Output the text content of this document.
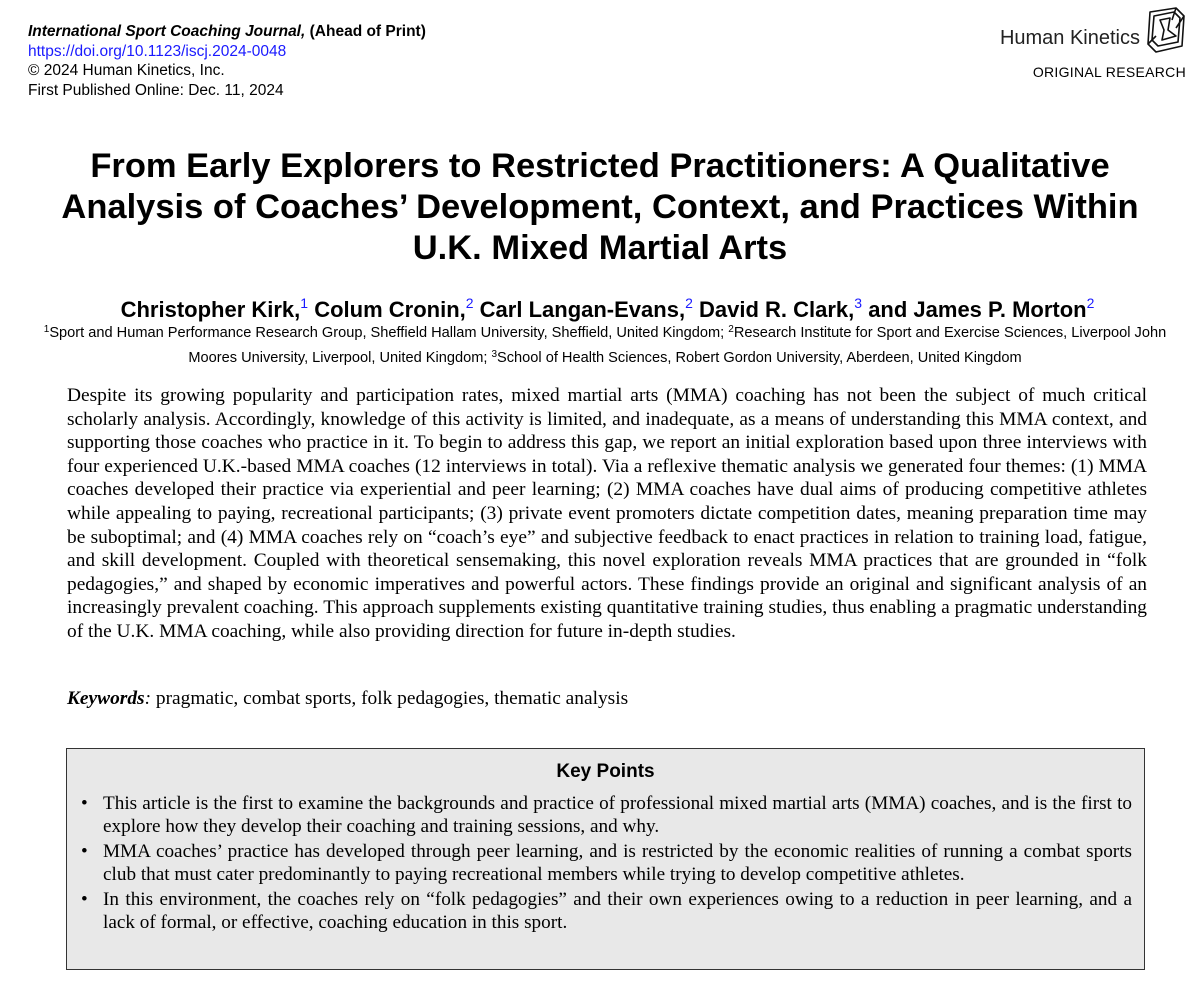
International Sport Coaching Journal, (Ahead of Print)
https://doi.org/10.1123/iscj.2024-0048
© 2024 Human Kinetics, Inc.
First Published Online: Dec. 11, 2024
Human Kinetics
ORIGINAL RESEARCH
From Early Explorers to Restricted Practitioners: A Qualitative Analysis of Coaches’ Development, Context, and Practices Within U.K. Mixed Martial Arts
Christopher Kirk,$^1$ Colum Cronin,$^2$ Carl Langan-Evans,$^2$ David R. Clark,$^3$ and James P. Morton$^2$
$^1$Sport and Human Performance Research Group, Sheffield Hallam University, Sheffield, United Kingdom; $^2$Research Institute for Sport and Exercise Sciences, Liverpool John Moores University, Liverpool, United Kingdom; $^3$School of Health Sciences, Robert Gordon University, Aberdeen, United Kingdom
Despite its growing popularity and participation rates, mixed martial arts (MMA) coaching has not been the subject of much critical scholarly analysis. Accordingly, knowledge of this activity is limited, and inadequate, as a means of understanding this MMA context, and supporting those coaches who practice in it. To begin to address this gap, we report an initial exploration based upon three interviews with four experienced U.K.-based MMA coaches (12 interviews in total). Via a reflexive thematic analysis we generated four themes: (1) MMA coaches developed their practice via experiential and peer learning; (2) MMA coaches have dual aims of producing competitive athletes while appealing to paying, recreational participants; (3) private event promoters dictate competition dates, meaning preparation time may be suboptimal; and (4) MMA coaches rely on “coach’s eye” and subjective feedback to enact practices in relation to training load, fatigue, and skill development. Coupled with theoretical sensemaking, this novel exploration reveals MMA practices that are grounded in “folk pedagogies,” and shaped by economic imperatives and powerful actors. These findings provide an original and significant analysis of an increasingly prevalent coaching. This approach supplements existing quantitative training studies, thus enabling a pragmatic understanding of the U.K. MMA coaching, while also providing direction for future in-depth studies.
Keywords: pragmatic, combat sports, folk pedagogies, thematic analysis
Key Points
• This article is the first to examine the backgrounds and practice of professional mixed martial arts (MMA) coaches, and is the first to explore how they develop their coaching and training sessions, and why.
• MMA coaches’ practice has developed through peer learning, and is restricted by the economic realities of running a combat sports club that must cater predominantly to paying recreational members while trying to develop competitive athletes.
• In this environment, the coaches rely on “folk pedagogies” and their own experiences owing to a reduction in peer learning, and a lack of formal, or effective, coaching education in this sport.
